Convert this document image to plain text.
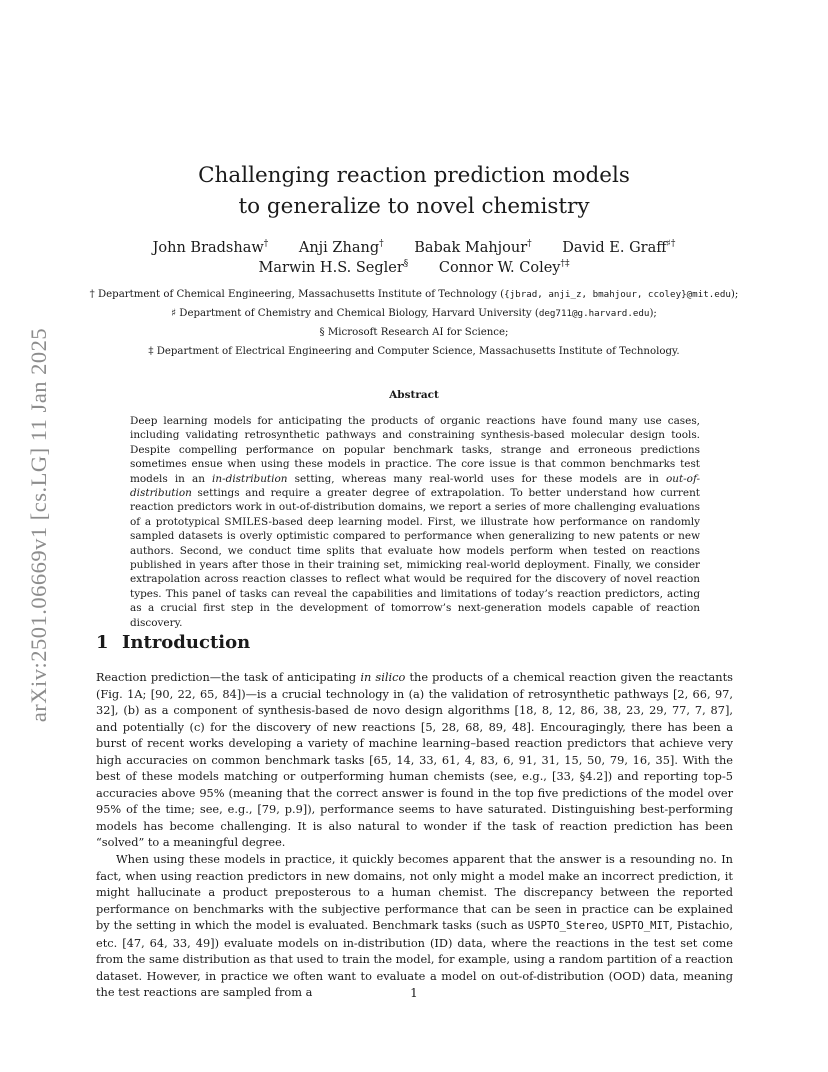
arXiv:2501.06669v1 [cs.LG] 11 Jan 2025
Challenging reaction prediction models
to generalize to novel chemistry
John Bradshaw† Anji Zhang† Babak Mahjour† David E. Graff♯†
Marwin H.S. Segler§ Connor W. Coley†‡
† Department of Chemical Engineering, Massachusetts Institute of Technology ({jbrad, anji_z, bmahjour, ccoley}@mit.edu);
♯ Department of Chemistry and Chemical Biology, Harvard University (deg711@g.harvard.edu);
§ Microsoft Research AI for Science;
‡ Department of Electrical Engineering and Computer Science, Massachusetts Institute of Technology.
Abstract
Deep learning models for anticipating the products of organic reactions have found many use cases, including validating retrosynthetic pathways and constraining synthesis-based molecular design tools. Despite compelling performance on popular benchmark tasks, strange and erroneous predictions sometimes ensue when using these models in practice. The core issue is that common benchmarks test models in an in-distribution setting, whereas many real-world uses for these models are in out-of-distribution settings and require a greater degree of extrapolation. To better understand how current reaction predictors work in out-of-distribution domains, we report a series of more challenging evaluations of a prototypical SMILES-based deep learning model. First, we illustrate how performance on randomly sampled datasets is overly optimistic compared to performance when generalizing to new patents or new authors. Second, we conduct time splits that evaluate how models perform when tested on reactions published in years after those in their training set, mimicking real-world deployment. Finally, we consider extrapolation across reaction classes to reflect what would be required for the discovery of novel reaction types. This panel of tasks can reveal the capabilities and limitations of today’s reaction predictors, acting as a crucial first step in the development of tomorrow’s next-generation models capable of reaction discovery.
1 Introduction

Reaction prediction—the task of anticipating in silico the products of a chemical reaction given the reactants (Fig. 1A; [90, 22, 65, 84])—is a crucial technology in (a) the validation of retrosynthetic pathways [2, 66, 97, 32], (b) as a component of synthesis-based de novo design algorithms [18, 8, 12, 86, 38, 23, 29, 77, 7, 87], and potentially (c) for the discovery of new reactions [5, 28, 68, 89, 48]. Encouragingly, there has been a burst of recent works developing a variety of machine learning–based reaction predictors that achieve very high accuracies on common benchmark tasks [65, 14, 33, 61, 4, 83, 6, 91, 31, 15, 50, 79, 16, 35]. With the best of these models matching or outperforming human chemists (see, e.g., [33, §4.2]) and reporting top-5 accuracies above 95% (meaning that the correct answer is found in the top five predictions of the model over 95% of the time; see, e.g., [79, p.9]), performance seems to have saturated. Distinguishing best-performing models has become challenging. It is also natural to wonder if the task of reaction prediction has been “solved” to a meaningful degree.

When using these models in practice, it quickly becomes apparent that the answer is a resounding no. In fact, when using reaction predictors in new domains, not only might a model make an incorrect prediction, it might hallucinate a product preposterous to a human chemist. The discrepancy between the reported performance on benchmarks with the subjective performance that can be seen in practice can be explained by the setting in which the model is evaluated. Benchmark tasks (such as USPTO_Stereo, USPTO_MIT, Pistachio, etc. [47, 64, 33, 49]) evaluate models on in-distribution (ID) data, where the reactions in the test set come from the same distribution as that used to train the model, for example, using a random partition of a reaction dataset. However, in practice we often want to evaluate a model on out-of-distribution (OOD) data, meaning the test reactions are sampled from a	1
